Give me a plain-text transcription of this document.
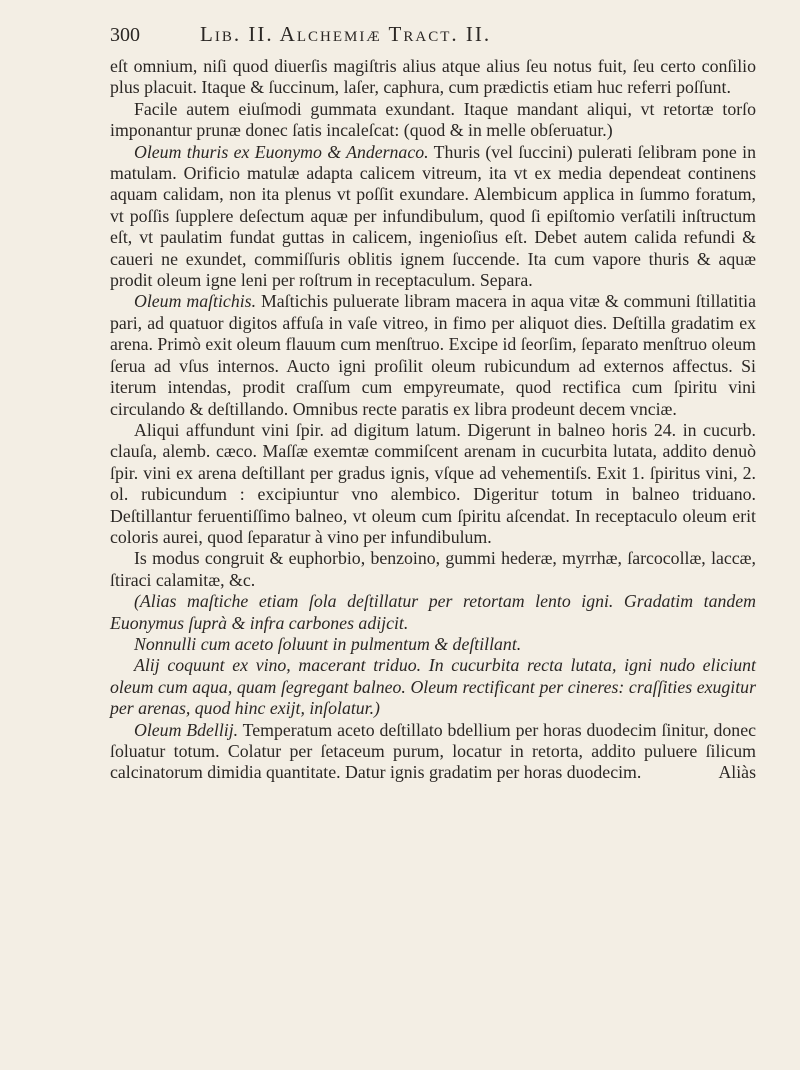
300	Lib. II. Alchemiæ Tract. II.

eſt omnium, niſi quod diuerſis magiſtris alius atque alius ſeu notus fuit, ſeu certo conſilio plus placuit. Itaque & ſuccinum, laſer, caphura, cum prædictis etiam huc referri poſſunt.

Facile autem eiuſmodi gummata exundant. Itaque mandant aliqui, vt retortæ torſo imponantur prunæ donec ſatis incaleſcat: (quod & in melle obſeruatur.)

Oleum thuris ex Euonymo & Andernaco. Thuris (vel ſuccini) pulerati ſelibram pone in matulam. Orificio matulæ adapta calicem vitreum, ita vt ex media dependeat continens aquam calidam, non ita plenus vt poſſit exundare. Alembicum applica in ſummo foratum, vt poſſis ſupplere deſectum aquæ per infundibulum, quod ſi epiſtomio verſatili inſtructum eſt, vt paulatim fundat guttas in calicem, ingenioſius eſt. Debet autem calida refundi & caueri ne exundet, commiſſuris oblitis ignem ſuccende. Ita cum vapore thuris & aquæ prodit oleum igne leni per roſtrum in receptaculum. Separa.

Oleum maſtichis. Maſtichis puluerate libram macera in aqua vitæ & communi ſtillatitia pari, ad quatuor digitos affuſa in vaſe vitreo, in fimo per aliquot dies. Deſtilla gradatim ex arena. Primò exit oleum flauum cum menſtruo. Excipe id ſeorſim, ſeparato menſtruo oleum ſerua ad vſus internos. Aucto igni proſilit oleum rubicundum ad externos affectus. Si iterum intendas, prodit craſſum cum empyreumate, quod rectifica cum ſpiritu vini circulando & deſtillando. Omnibus recte paratis ex libra prodeunt decem vnciæ.

Aliqui affundunt vini ſpir. ad digitum latum. Digerunt in balneo horis 24. in cucurb. clauſa, alemb. cæco. Maſſæ exemtæ commiſcent arenam in cucurbita lutata, addito denuò ſpir. vini ex arena deſtillant per gradus ignis, vſque ad vehementiſs. Exit 1. ſpiritus vini, 2. ol. rubicundum : excipiuntur vno alembico. Digeritur totum in balneo triduano. Deſtillantur feruentiſſimo balneo, vt oleum cum ſpiritu aſcendat. In receptaculo oleum erit coloris aurei, quod ſeparatur à vino per infundibulum.

Is modus congruit & euphorbio, benzoino, gummi hederæ, myrrhæ, ſarcocollæ, laccæ, ſtiraci calamitæ, &c.

(Alias maſtiche etiam ſola deſtillatur per retortam lento igni. Gradatim tandem Euonymus ſuprà & infra carbones adijcit.

Nonnulli cum aceto ſoluunt in pulmentum & deſtillant.

Alij coquunt ex vino, macerant triduo. In cucurbita recta lutata, igni nudo eliciunt oleum cum aqua, quam ſegregant balneo. Oleum rectificant per cineres: craſſities exugitur per arenas, quod hinc exijt, inſolatur.)

Oleum Bdellij. Temperatum aceto deſtillato bdellium per horas duodecim ſinitur, donec ſoluatur totum. Colatur per ſetaceum purum, locatur in retorta, addito puluere ſilicum calcinatorum dimidia quantitate. Datur ignis gradatim per horas duodecim.	Aliàs
